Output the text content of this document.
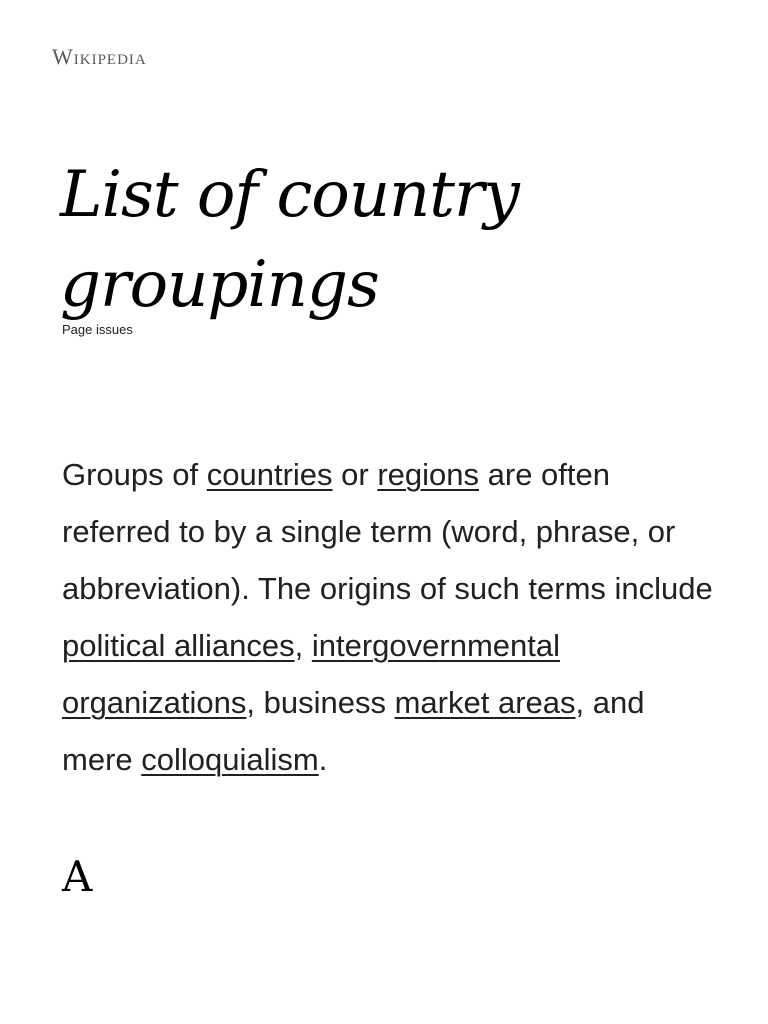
Wikipedia
List of country groupings
Page issues

Groups of countries or regions are often referred to by a single term (word, phrase, or abbreviation). The origins of such terms include political alliances, intergovernmental organizations, business market areas, and mere colloquialism.

A
